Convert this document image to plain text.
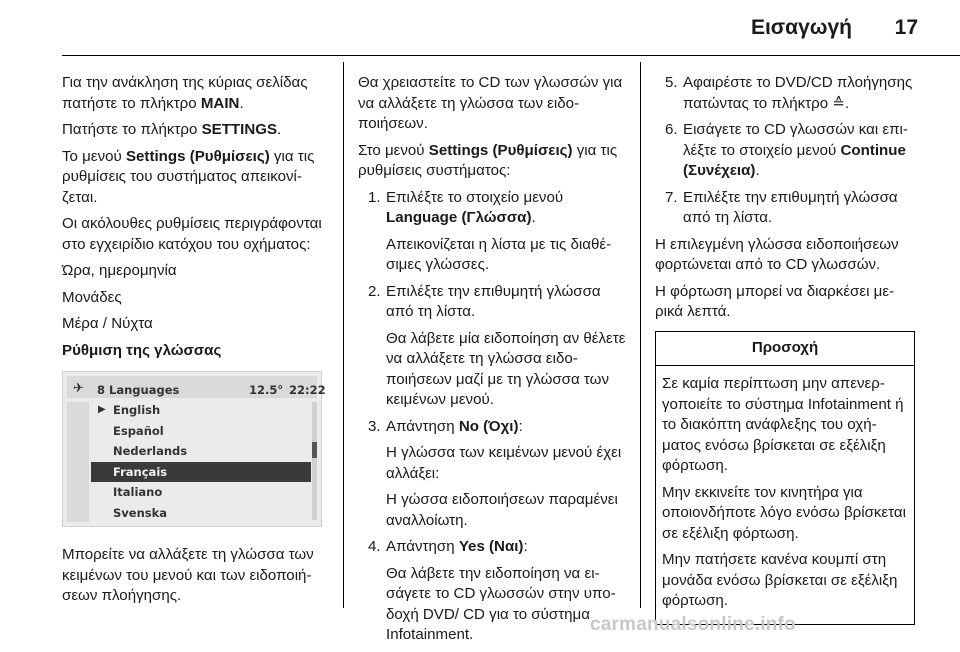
Εισαγωγή 17

Για την ανάκληση της κύριας σελίδας πατήστε το πλήκτρο MAIN.

Πατήστε το πλήκτρο SETTINGS.

Το μενού Settings (Ρυθμίσεις) για τις ρυθμίσεις του συστήματος απεικονίζεται.

Οι ακόλουθες ρυθμίσεις περιγράφονται στο εγχειρίδιο κατόχου του οχήματος:

Ώρα, ημερομηνία

Μονάδες

Μέρα / Νύχτα

Ρύθμιση της γλώσσας

✈ 8 Languages	12.5° 22:22
▶ English
Español
Nederlands
Français
Italiano
Svenska

Μπορείτε να αλλάξετε τη γλώσσα των κειμένων του μενού και των ειδοποιήσεων πλοήγησης.

Θα χρειαστείτε το CD των γλωσσών για να αλλάξετε τη γλώσσα των ειδοποιήσεων.

Στο μενού Settings (Ρυθμίσεις) για τις ρυθμίσεις συστήματος:

1. Επιλέξτε το στοιχείο μενού Language (Γλώσσα).

Απεικονίζεται η λίστα με τις διαθέσιμες γλώσσες.

2. Επιλέξτε την επιθυμητή γλώσσα από τη λίστα.

Θα λάβετε μία ειδοποίηση αν θέλετε να αλλάξετε τη γλώσσα ειδοποιήσεων μαζί με τη γλώσσα των κειμένων μενού.

3. Απάντηση No (Όχι):

Η γλώσσα των κειμένων μενού έχει αλλάξει:

Η γώσσα ειδοποιήσεων παραμένει αναλλοίωτη.

4. Απάντηση Yes (Ναι):

Θα λάβετε την ειδοποίηση να εισάγετε το CD γλωσσών στην υποδοχή DVD/ CD για το σύστημα Infotainment.

5. Αφαιρέστε το DVD/CD πλοήγησης πατώντας το πλήκτρο ≙.

6. Εισάγετε το CD γλωσσών και επιλέξτε το στοιχείο μενού Continue (Συνέχεια).

7. Επιλέξτε την επιθυμητή γλώσσα από τη λίστα.

Η επιλεγμένη γλώσσα ειδοποιήσεων φορτώνεται από το CD γλωσσών.

Η φόρτωση μπορεί να διαρκέσει μερικά λεπτά.

Προσοχή

Σε καμία περίπτωση μην απενεργοποιείτε το σύστημα Infotainment ή το διακόπτη ανάφλεξης του οχήματος ενόσω βρίσκεται σε εξέλιξη φόρτωση.

Μην εκκινείτε τον κινητήρα για οποιονδήποτε λόγο ενόσω βρίσκεται σε εξέλιξη φόρτωση.

Μην πατήσετε κανένα κουμπί στη μονάδα ενόσω βρίσκεται σε εξέλιξη φόρτωση.

carmanualsonline.info
